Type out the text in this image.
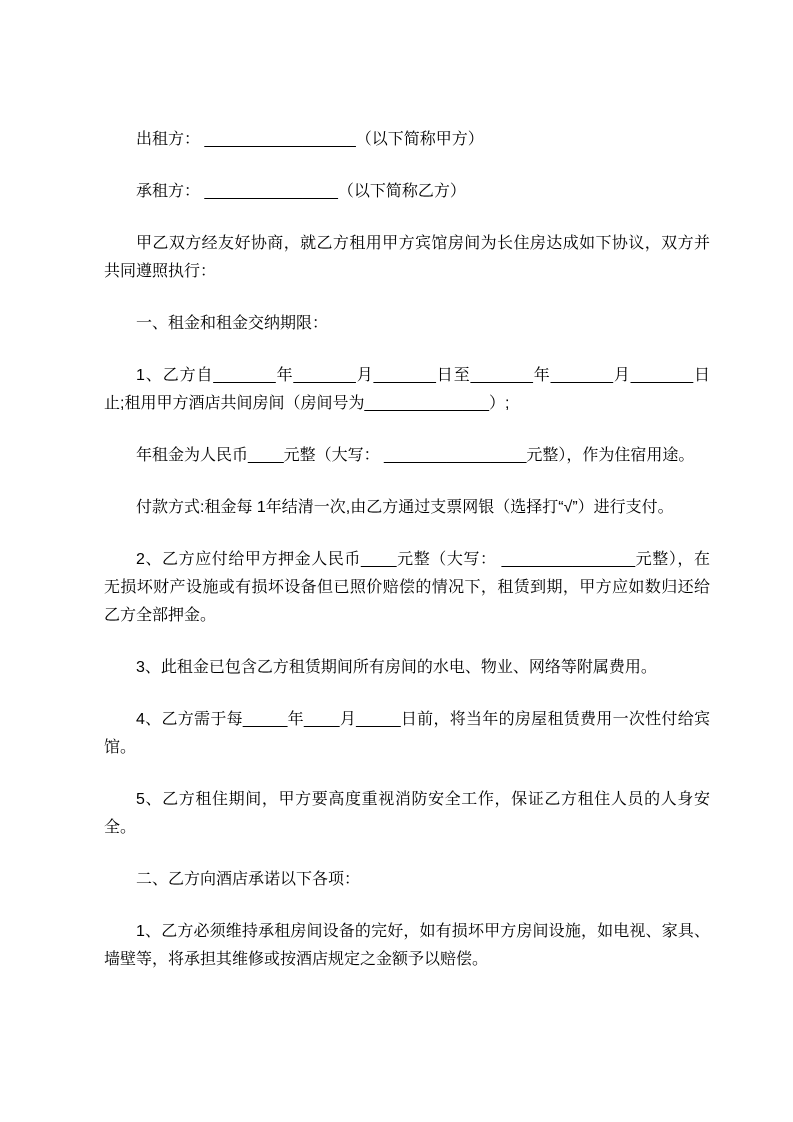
出租方： _________________（以下简称甲方）

承租方： _______________（以下简称乙方）

甲乙双方经友好协商，就乙方租用甲方宾馆房间为长住房达成如下协议，双方并共同遵照执行：

一、租金和租金交纳期限：

1、乙方自_______年_______月_______日至_______年_______月_______日止;租用甲方酒店共间房间（房间号为______________）;

年租金为人民币____元整（大写： ________________元整），作为住宿用途。

付款方式:租金每 1年结清一次,由乙方通过支票网银（选择打“√”）进行支付。

2、乙方应付给甲方押金人民币____元整（大写： _______________元整），在无损坏财产设施或有损坏设备但已照价赔偿的情况下，租赁到期，甲方应如数归还给乙方全部押金。

3、此租金已包含乙方租赁期间所有房间的水电、物业、网络等附属费用。

4、乙方需于每_____年____月_____日前，将当年的房屋租赁费用一次性付给宾馆。

5、乙方租住期间，甲方要高度重视消防安全工作，保证乙方租住人员的人身安全。

二、乙方向酒店承诺以下各项：

1、乙方必须维持承租房间设备的完好，如有损坏甲方房间设施，如电视、家具、墙壁等，将承担其维修或按酒店规定之金额予以赔偿。
